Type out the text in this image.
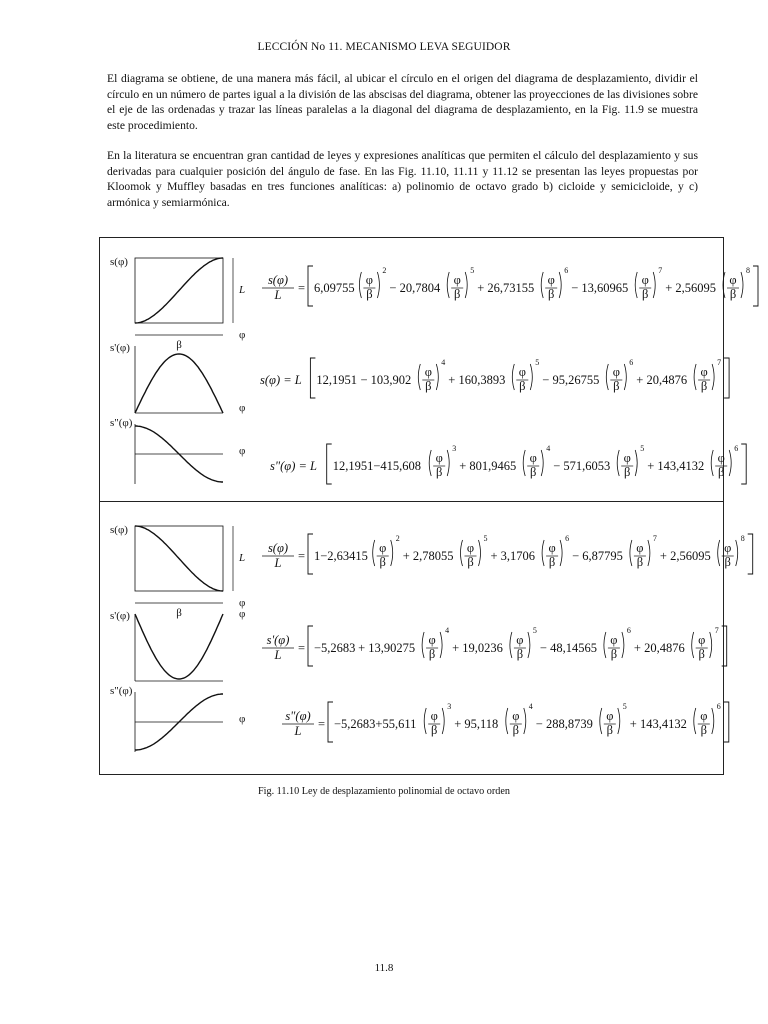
LECCIÓN No 11. MECANISMO LEVA SEGUIDOR
El diagrama se obtiene, de una manera más fácil, al ubicar el círculo en el origen del diagrama de desplazamiento, dividir el círculo en un número de partes igual a la división de las abscisas del diagrama, obtener las proyecciones de las divisiones sobre el eje de las ordenadas y trazar las líneas paralelas a la diagonal del diagrama de desplazamiento, en la Fig. 11.9 se muestra este procedimiento.
En la literatura se encuentran gran cantidad de leyes y expresiones analíticas que permiten el cálculo del desplazamiento y sus derivadas para cualquier posición del ángulo de fase. En las Fig. 11.10, 11.11 y 11.12 se presentan las leyes propuestas por Kloomok y Muffley basadas en tres funciones analíticas: a) polinomio de octavo grado b) cicloide y semicicloide, y c) armónica y semiarmónica.
s(φ)
L
φ
β
s'(φ)
φ
s"(φ)
φ
s(φ)
L
φ
β
s'(φ)	φ
s"(φ)
φ
s(φ)
L = 6,09755
φ
β
2
− 20,7804
φ
β
5
+ 26,73155
φ
β
6
− 13,60965
φ
β
7
+ 2,56095
φ
β
8
s(φ) = L 12,1951 − 103,902
φ
β
4
+ 160,3893
φ
β
5
− 95,26755
φ
β
6
+ 20,4876
φ
β
7
s"(φ) = L 12,1951−415,608
φ
β
3
+ 801,9465
φ
β
4
− 571,6053
φ
β
5
+ 143,4132
φ
β
6
s(φ)
L = 1−2,63415
φ
β
2
+ 2,78055
φ
β
5
+ 3,1706
φ
β
6
− 6,87795
φ
β
7
+ 2,56095
φ
β
8
s'(φ)
L = −5,2683 + 13,90275
φ
β
4
+ 19,0236
φ
β
5
− 48,14565
φ
β
6
+ 20,4876
φ
β
7
s"(φ)
L = −5,2683+55,611
φ
β
3
+ 95,118
φ
β
4
− 288,8739
φ
β
5
+ 143,4132
φ
β
6
Fig. 11.10 Ley de desplazamiento polinomial de octavo orden
11.8
